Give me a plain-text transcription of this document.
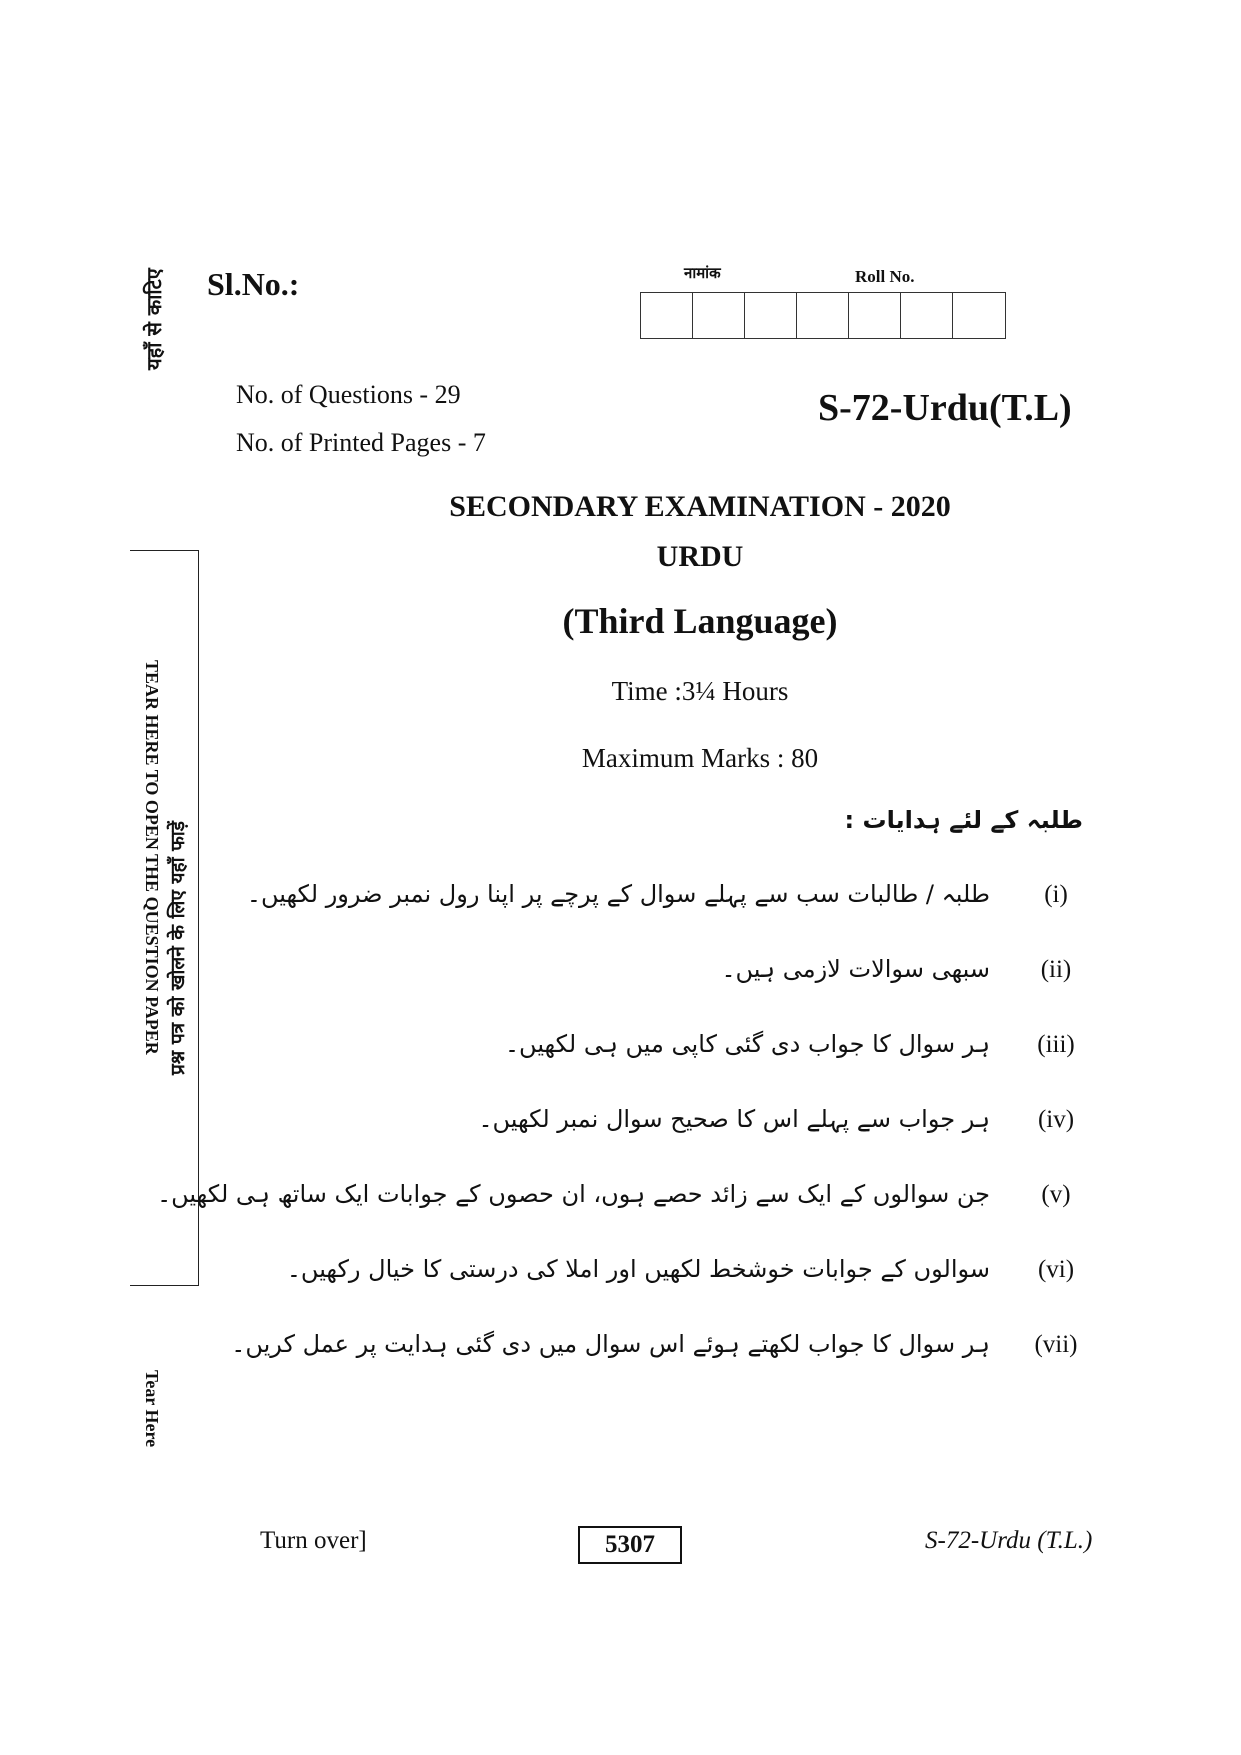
यहाँ से काटिए
प्रश्न पत्र को खोलने के लिए यहाँ फाड़ें
TEAR HERE TO OPEN THE QUESTION PAPER
Tear Here
Sl.No.:	नामांक	Roll No.
No. of Questions - 29
No. of Printed Pages - 7
S-72-Urdu(T.L)
SECONDARY EXAMINATION - 2020
URDU
(Third Language)
Time :3¼ Hours
Maximum Marks : 80
طلبہ کے لئے ہدایات :
(i)
طلبہ / طالبات سب سے پہلے سوال کے پرچے پر اپنا رول نمبر ضرور لکھیں۔
(ii)
سبھی سوالات لازمی ہیں۔
(iii)
ہر سوال کا جواب دی گئی کاپی میں ہی لکھیں۔
(iv)
ہر جواب سے پہلے اس کا صحیح سوال نمبر لکھیں۔
(v)
جن سوالوں کے ایک سے زائد حصے ہوں، ان حصوں کے جوابات ایک ساتھ ہی لکھیں۔
(vi)
سوالوں کے جوابات خوشخط لکھیں اور املا کی درستی کا خیال رکھیں۔
(vii)
ہر سوال کا جواب لکھتے ہوئے اس سوال میں دی گئی ہدایت پر عمل کریں۔
Turn over]	5307	S-72-Urdu (T.L.)
